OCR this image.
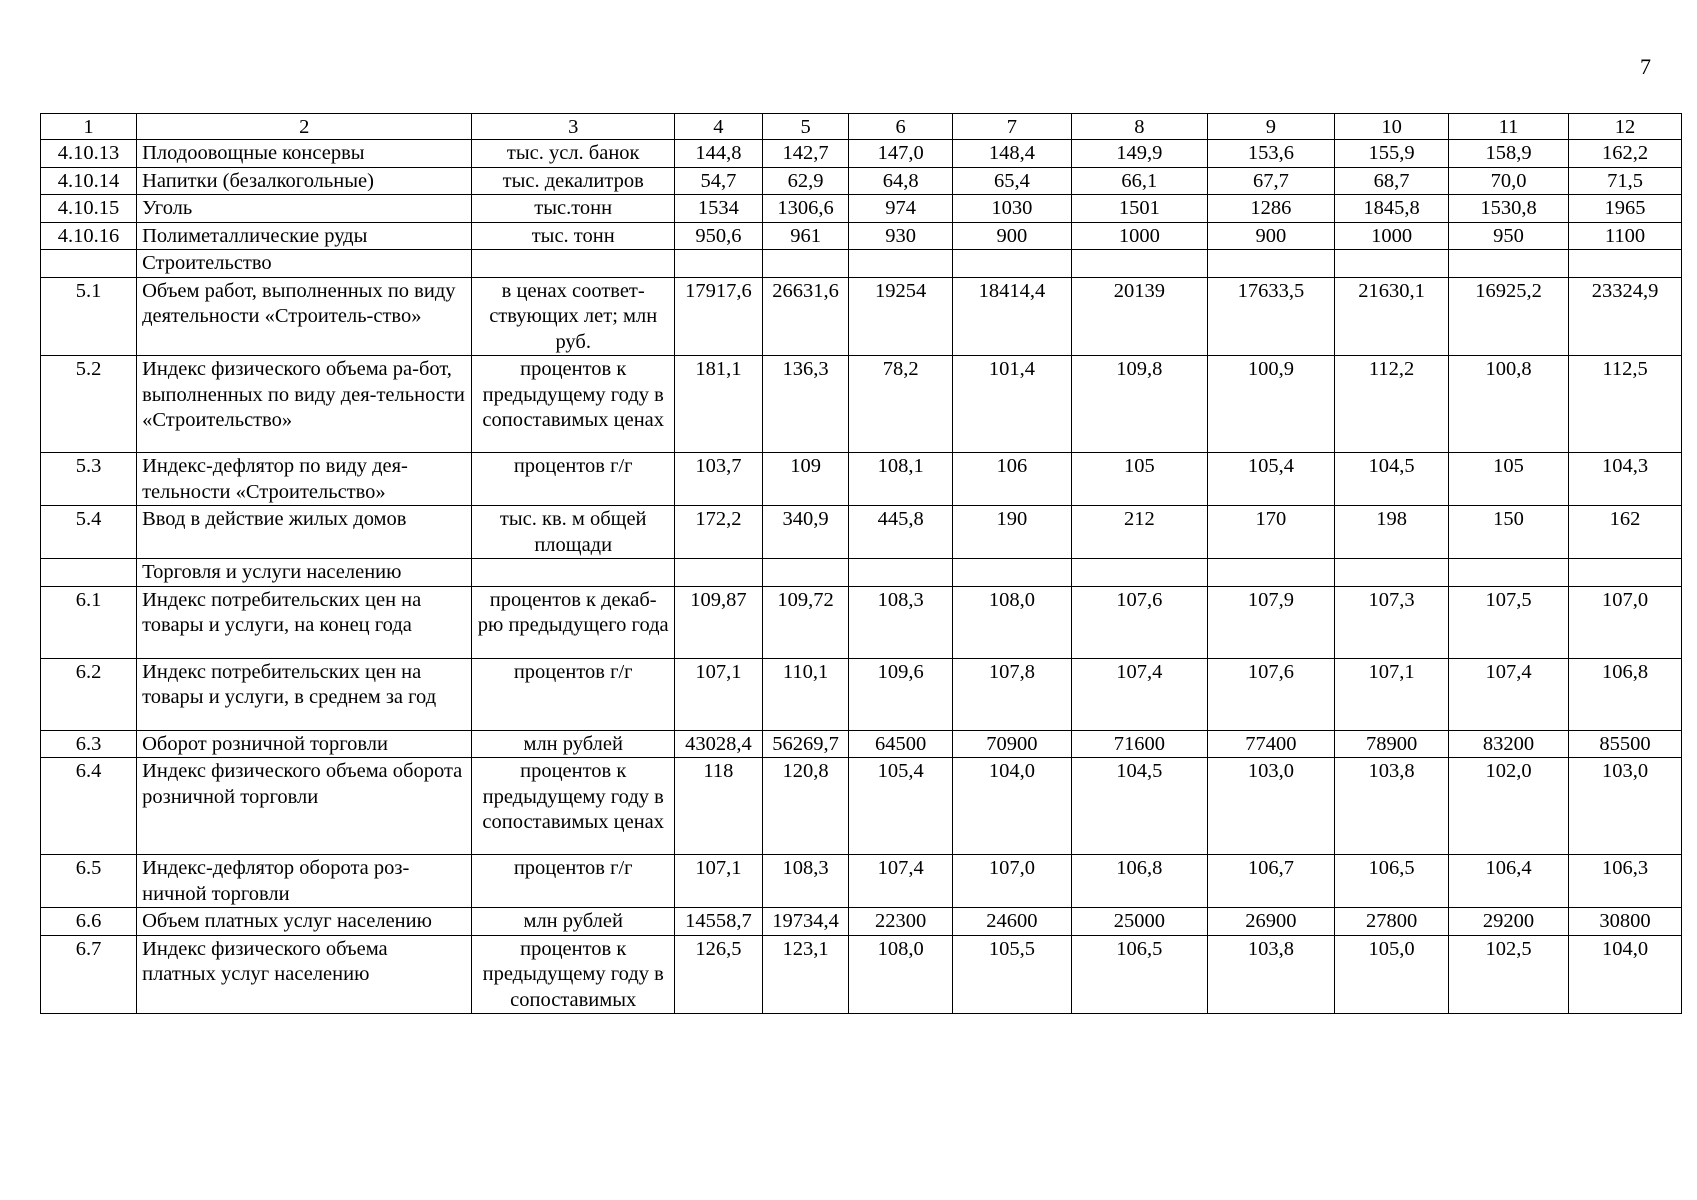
7
1	2	3	4	5	6	7	8	9	10	11	12
4.10.13	Плодоовощные консервы	тыс. усл. банок	144,8	142,7	147,0	148,4	149,9	153,6	155,9	158,9	162,2
4.10.14	Напитки (безалкогольные)	тыс. декалитров	54,7	62,9	64,8	65,4	66,1	67,7	68,7	70,0	71,5
4.10.15	Уголь	тыс.тонн	1534	1306,6	974	1030	1501	1286	1845,8	1530,8	1965
4.10.16	Полиметаллические руды	тыс. тонн	950,6	961	930	900	1000	900	1000	950	1100
	Строительство										
5.1	Объем работ, выполненных по виду деятельности «Строитель-ство»	в ценах соответ-ствующих лет; млн руб.	17917,6	26631,6	19254	18414,4	20139	17633,5	21630,1	16925,2	23324,9
5.2	Индекс физического объема ра-бот, выполненных по виду дея-тельности «Строительство»	процентов к предыдущему году в сопоставимых ценах	181,1	136,3	78,2	101,4	109,8	100,9	112,2	100,8	112,5
5.3	Индекс-дефлятор по виду дея-тельности «Строительство»	процентов г/г	103,7	109	108,1	106	105	105,4	104,5	105	104,3
5.4	Ввод в действие жилых домов	тыс. кв. м общей площади	172,2	340,9	445,8	190	212	170	198	150	162
	Торговля и услуги населению										
6.1	Индекс потребительских цен на товары и услуги, на конец года	процентов к декаб-рю предыдущего года	109,87	109,72	108,3	108,0	107,6	107,9	107,3	107,5	107,0
6.2	Индекс потребительских цен на товары и услуги, в среднем за год	процентов г/г	107,1	110,1	109,6	107,8	107,4	107,6	107,1	107,4	106,8
6.3	Оборот розничной торговли	млн рублей	43028,4	56269,7	64500	70900	71600	77400	78900	83200	85500
6.4	Индекс физического объема оборота розничной торговли	процентов к предыдущему году в сопоставимых ценах	118	120,8	105,4	104,0	104,5	103,0	103,8	102,0	103,0
6.5	Индекс-дефлятор оборота роз-ничной торговли	процентов г/г	107,1	108,3	107,4	107,0	106,8	106,7	106,5	106,4	106,3
6.6	Объем платных услуг населению	млн рублей	14558,7	19734,4	22300	24600	25000	26900	27800	29200	30800
6.7	Индекс физического объема платных услуг населению	процентов к предыдущему году в сопоставимых	126,5	123,1	108,0	105,5	106,5	103,8	105,0	102,5	104,0
